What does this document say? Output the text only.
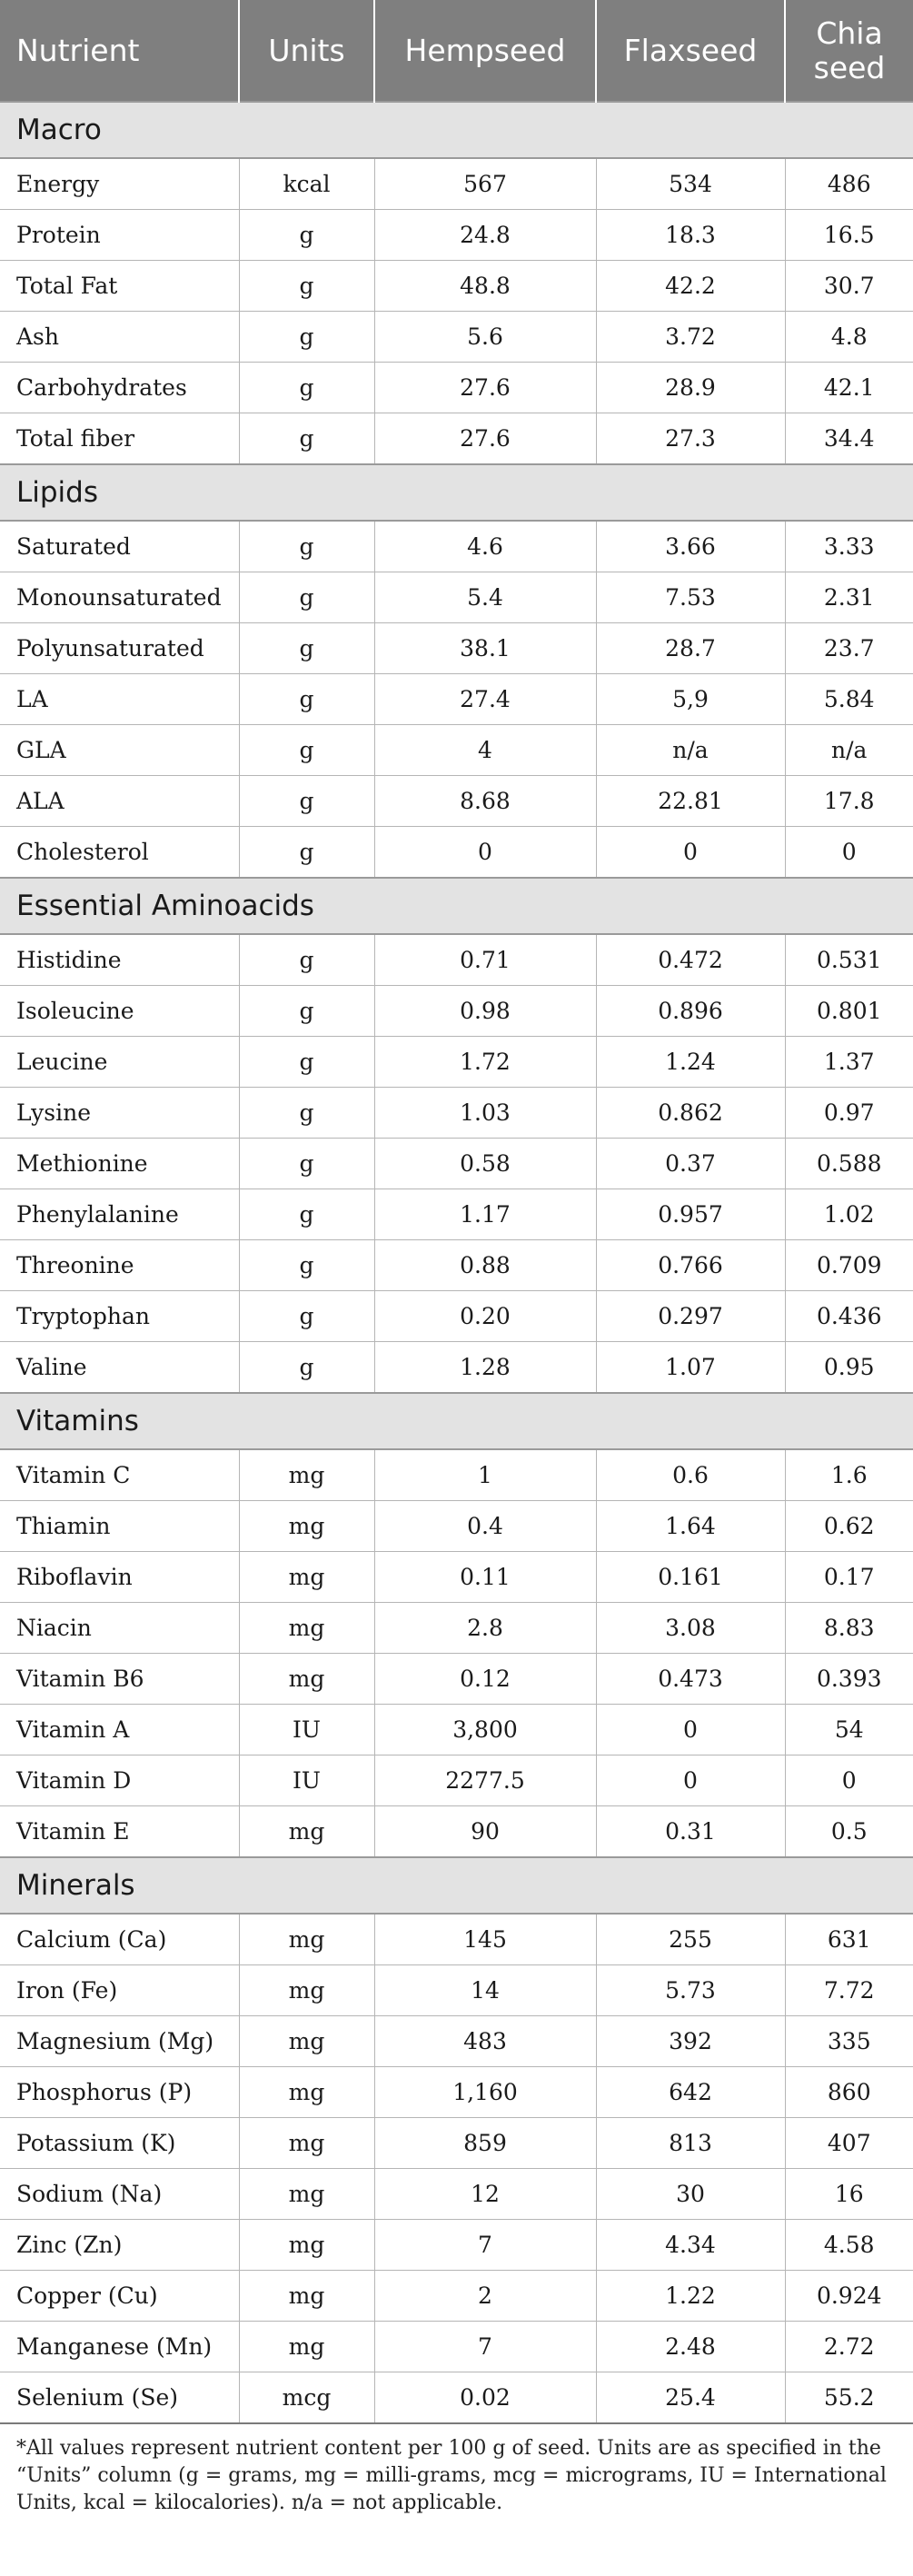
Nutrient	Units	Hempseed	Flaxseed	Chia seed
Macro				
Energy	kcal	567	534	486
Protein	g	24.8	18.3	16.5
Total Fat	g	48.8	42.2	30.7
Ash	g	5.6	3.72	4.8
Carbohydrates	g	27.6	28.9	42.1
Total fiber	g	27.6	27.3	34.4
Lipids				
Saturated	g	4.6	3.66	3.33
Monounsaturated	g	5.4	7.53	2.31
Polyunsaturated	g	38.1	28.7	23.7
LA	g	27.4	5,9	5.84
GLA	g	4	n/a	n/a
ALA	g	8.68	22.81	17.8
Cholesterol	g	0	0	0
Essential Aminoacids				
Histidine	g	0.71	0.472	0.531
Isoleucine	g	0.98	0.896	0.801
Leucine	g	1.72	1.24	1.37
Lysine	g	1.03	0.862	0.97
Methionine	g	0.58	0.37	0.588
Phenylalanine	g	1.17	0.957	1.02
Threonine	g	0.88	0.766	0.709
Tryptophan	g	0.20	0.297	0.436
Valine	g	1.28	1.07	0.95
Vitamins				
Vitamin C	mg	1	0.6	1.6
Thiamin	mg	0.4	1.64	0.62
Riboflavin	mg	0.11	0.161	0.17
Niacin	mg	2.8	3.08	8.83
Vitamin B6	mg	0.12	0.473	0.393
Vitamin A	IU	3,800	0	54
Vitamin D	IU	2277.5	0	0
Vitamin E	mg	90	0.31	0.5
Minerals				
Calcium (Ca)	mg	145	255	631
Iron (Fe)	mg	14	5.73	7.72
Magnesium (Mg)	mg	483	392	335
Phosphorus (P)	mg	1,160	642	860
Potassium (K)	mg	859	813	407
Sodium (Na)	mg	12	30	16
Zinc (Zn)	mg	7	4.34	4.58
Copper (Cu)	mg	2	1.22	0.924
Manganese (Mn)	mg	7	2.48	2.72
Selenium (Se)	mcg	0.02	25.4	55.2
*All values represent nutrient content per 100 g of seed. Units are as specified in the “Units” column (g = grams, mg = milli-grams, mcg = micrograms, IU = International Units, kcal = kilocalories). n/a = not applicable.
